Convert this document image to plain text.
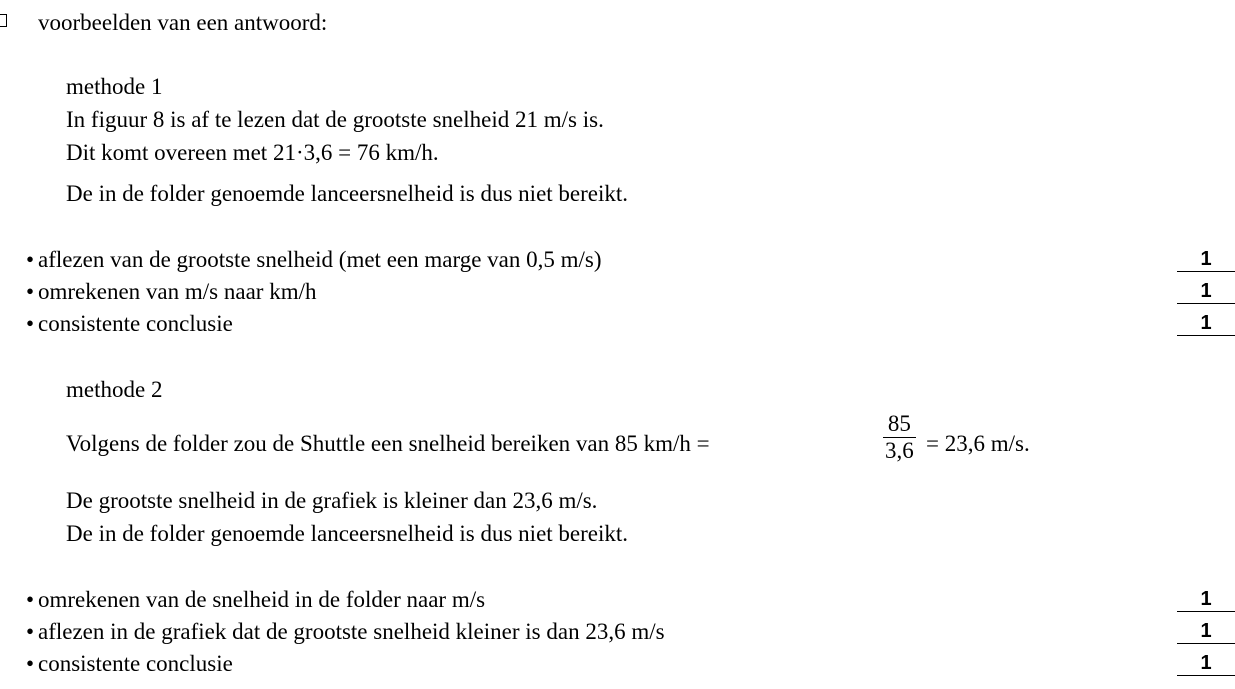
voorbeelden van een antwoord:
methode 1
In figuur 8 is af te lezen dat de grootste snelheid 21 m/s is.
Dit komt overeen met 21·3,6 = 76 km/h.
De in de folder genoemde lanceersnelheid is dus niet bereikt.
• aflezen van de grootste snelheid (met een marge van 0,5 m/s)	1
• omrekenen van m/s naar km/h	1
• consistente conclusie	1
methode 2
Volgens de folder zou de Shuttle een snelheid bereiken van 85 km/h =
85
3,6 = 23,6 m/s.
De grootste snelheid in de grafiek is kleiner dan 23,6 m/s.
De in de folder genoemde lanceersnelheid is dus niet bereikt.
• omrekenen van de snelheid in de folder naar m/s	1
• aflezen in de grafiek dat de grootste snelheid kleiner is dan 23,6 m/s	1
• consistente conclusie	1
